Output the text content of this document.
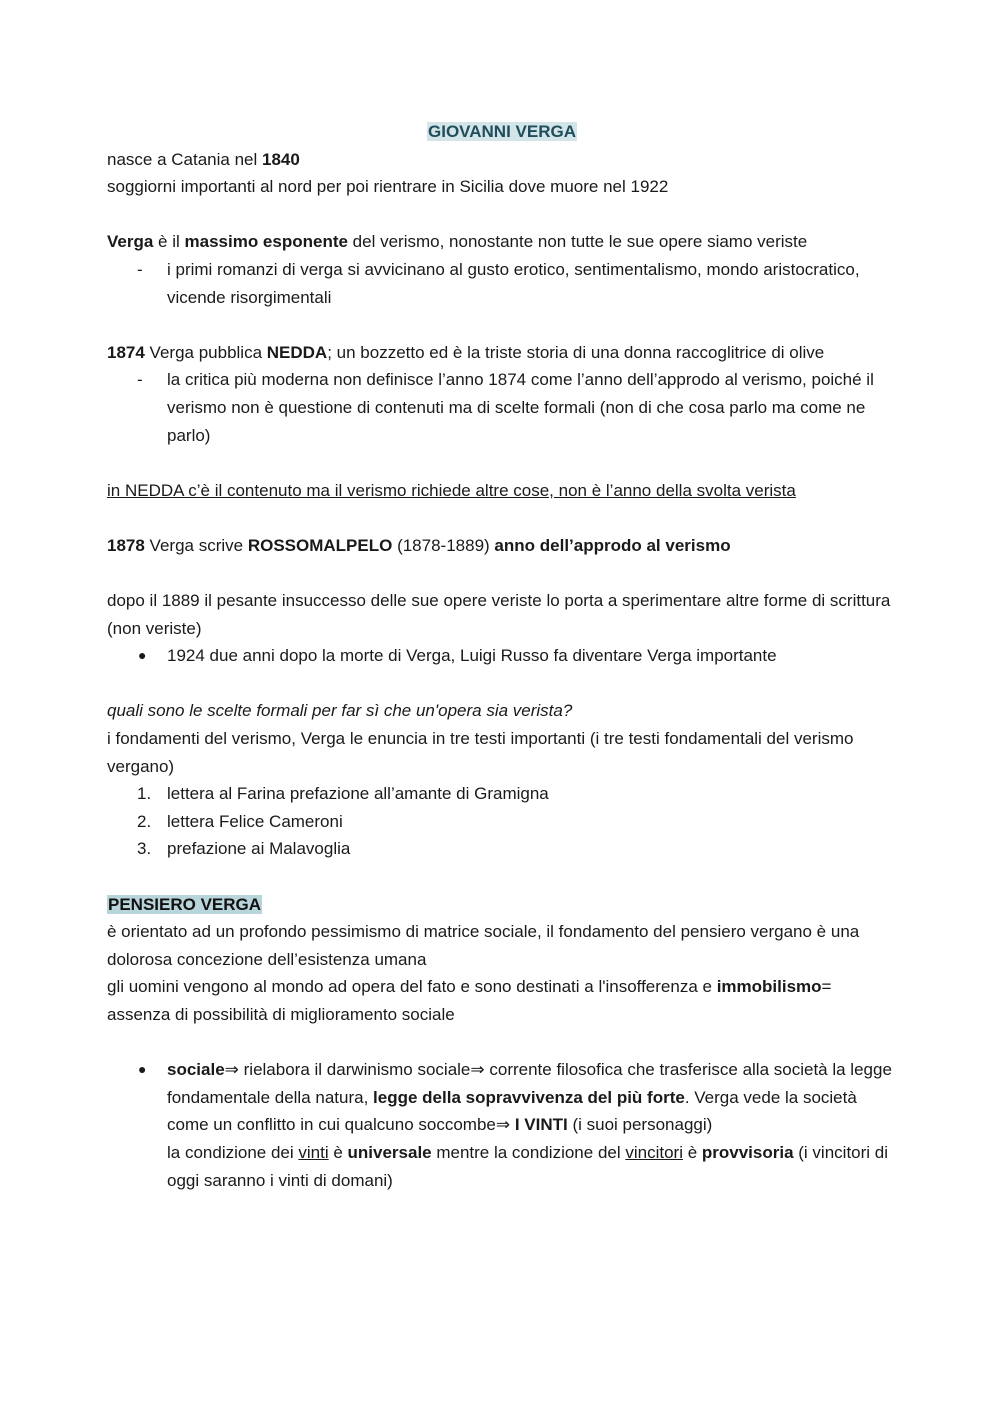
GIOVANNI VERGA

nasce a Catania nel 1840

soggiorni importanti al nord per poi rientrare in Sicilia dove muore nel 1922

Verga è il massimo esponente del verismo, nonostante non tutte le sue opere siamo veriste

- i primi romanzi di verga si avvicinano al gusto erotico, sentimentalismo, mondo aristocratico, vicende risorgimentali

1874 Verga pubblica NEDDA; un bozzetto ed è la triste storia di una donna raccoglitrice di olive

- la critica più moderna non definisce l’anno 1874 come l’anno dell’approdo al verismo, poiché il verismo non è questione di contenuti ma di scelte formali (non di che cosa parlo ma come ne parlo)

in NEDDA c’è il contenuto ma il verismo richiede altre cose, non è l’anno della svolta verista

1878 Verga scrive ROSSOMALPELO (1878-1889) anno dell’approdo al verismo

dopo il 1889 il pesante insuccesso delle sue opere veriste lo porta a sperimentare altre forme di scrittura (non veriste)

● 1924 due anni dopo la morte di Verga, Luigi Russo fa diventare Verga importante

quali sono le scelte formali per far sì che un'opera sia verista?

i fondamenti del verismo, Verga le enuncia in tre testi importanti (i tre testi fondamentali del verismo vergano)

1. lettera al Farina prefazione all’amante di Gramigna
2. lettera Felice Cameroni
3. prefazione ai Malavoglia

PENSIERO VERGA

è orientato ad un profondo pessimismo di matrice sociale, il fondamento del pensiero vergano è una dolorosa concezione dell’esistenza umana

gli uomini vengono al mondo ad opera del fato e sono destinati a l'insofferenza e immobilismo= assenza di possibilità di miglioramento sociale

● sociale⇒ rielabora il darwinismo sociale⇒ corrente filosofica che trasferisce alla società la legge fondamentale della natura, legge della sopravvivenza del più forte. Verga vede la società come un conflitto in cui qualcuno soccombe⇒ I VINTI (i suoi personaggi)
la condizione dei vinti è universale mentre la condizione del vincitori è provvisoria (i vincitori di oggi saranno i vinti di domani)
